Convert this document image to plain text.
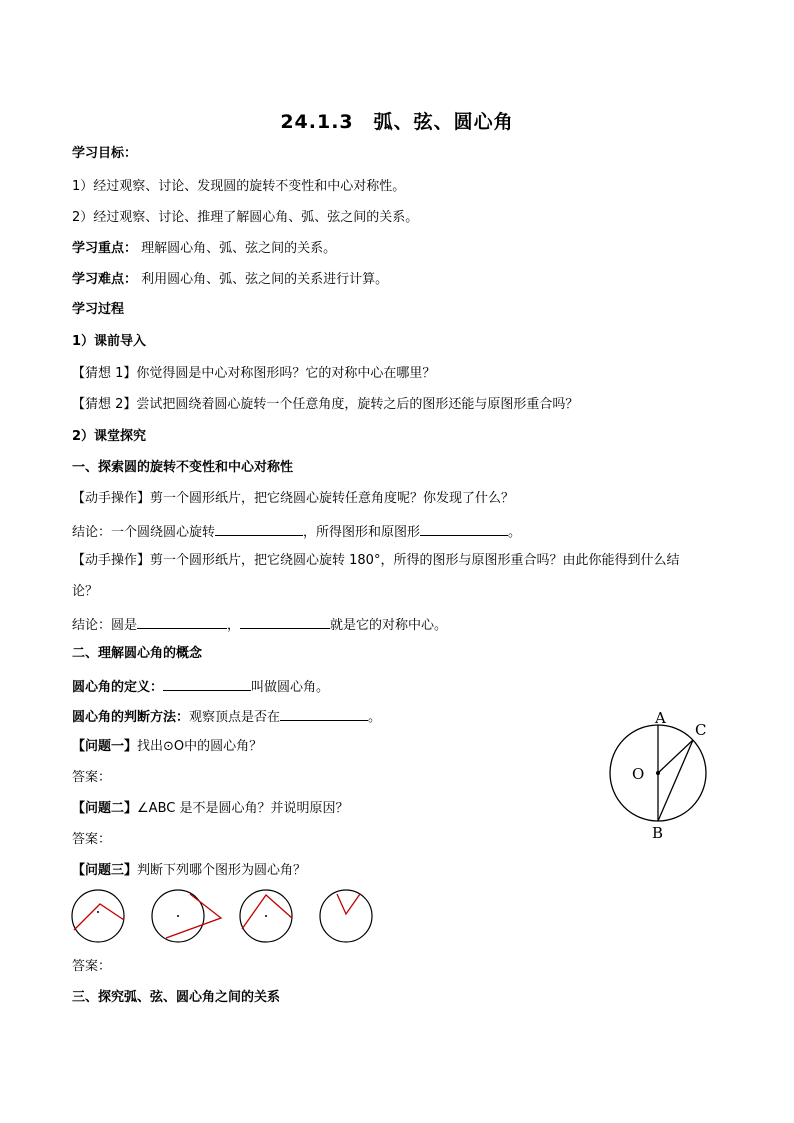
24.1.3　弧、弦、圆心角
学习目标：
1）经过观察、讨论、发现圆的旋转不变性和中心对称性。
2）经过观察、讨论、推理了解圆心角、弧、弦之间的关系。
学习重点： 理解圆心角、弧、弦之间的关系。
学习难点： 利用圆心角、弧、弦之间的关系进行计算。
学习过程
1）课前导入
【猜想 1】你觉得圆是中心对称图形吗？它的对称中心在哪里？
【猜想 2】尝试把圆绕着圆心旋转一个任意角度，旋转之后的图形还能与原图形重合吗？
2）课堂探究
一、探索圆的旋转不变性和中心对称性
【动手操作】剪一个圆形纸片，把它绕圆心旋转任意角度呢？你发现了什么？
结论：一个圆绕圆心旋转	，所得图形和原图形	。
【动手操作】剪一个圆形纸片，把它绕圆心旋转 180°，所得的图形与原图形重合吗？由此你能得到什么结
论？
结论：圆是	，	就是它的对称中心。
二、理解圆心角的概念
圆心角的定义：	叫做圆心角。
圆心角的判断方法：观察顶点是否在	。
【问题一】找出⊙O中的圆心角？
答案：
【问题二】∠ABC 是不是圆心角？并说明原因？
答案：
【问题三】判断下列哪个图形为圆心角？
答案：
三、探究弧、弦、圆心角之间的关系
A
C
O
B
